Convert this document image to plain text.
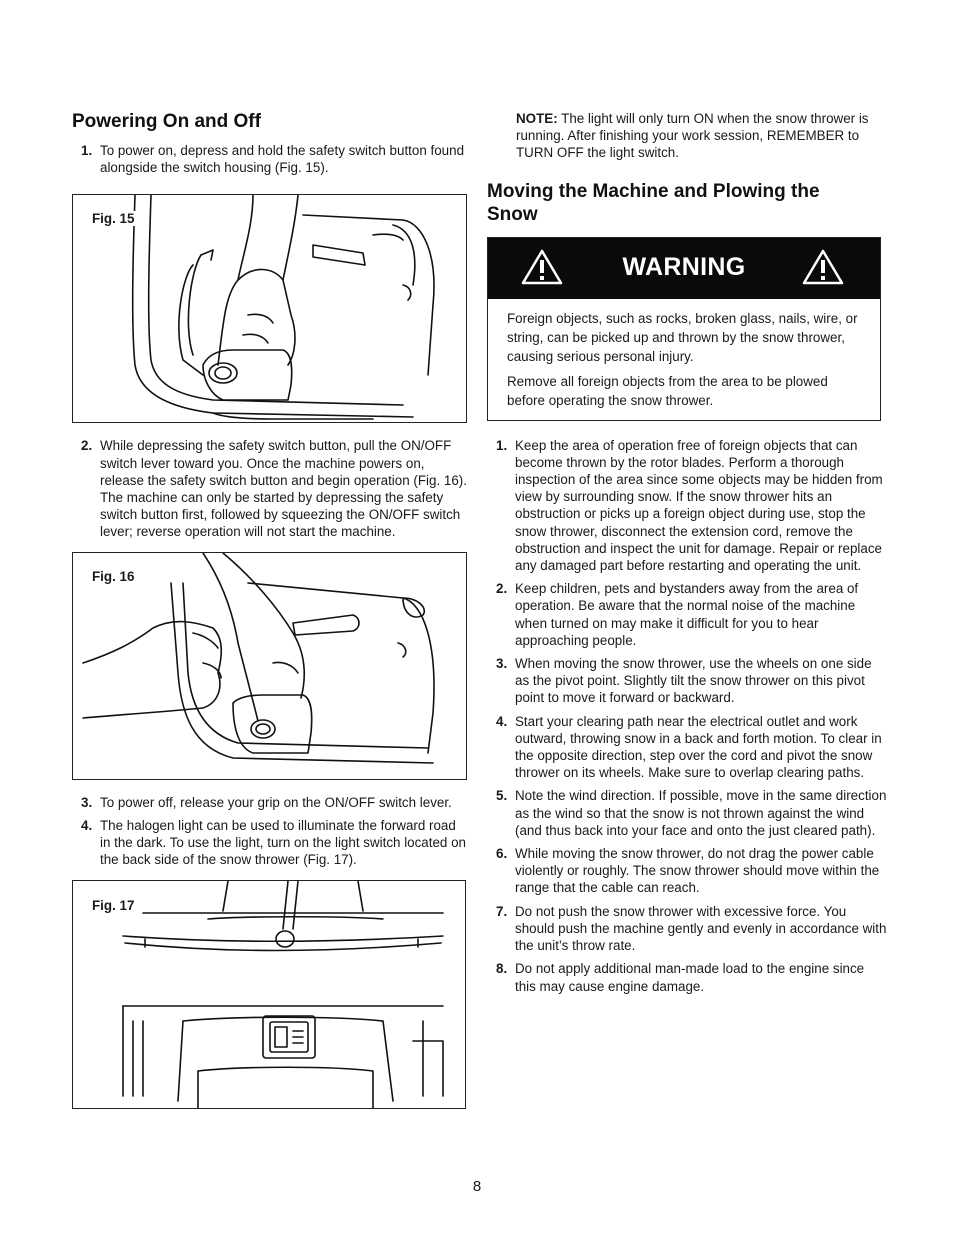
Powering On and Off
1. To power on, depress and hold the safety switch button found alongside the switch housing (Fig. 15).
Fig. 15
2. While depressing the safety switch button, pull the ON/OFF switch lever toward you. Once the machine powers on, release the safety switch button and begin operation (Fig. 16). The machine can only be started by depressing the safety switch button first, followed by squeezing the ON/OFF switch lever; reverse operation will not start the machine.
Fig. 16
3. To power off, release your grip on the ON/OFF switch lever.
4. The halogen light can be used to illuminate the forward road in the dark. To use the light, turn on the light switch located on the back side of the snow thrower (Fig. 17).
Fig. 17

NOTE: The light will only turn ON when the snow thrower is running. After finishing your work session, REMEMBER to TURN OFF the light switch.

Moving the Machine and Plowing the Snow
WARNING

Foreign objects, such as rocks, broken glass, nails, wire, or string, can be picked up and thrown by the snow thrower, causing serious personal injury.

Remove all foreign objects from the area to be plowed before operating the snow thrower.

1. Keep the area of operation free of foreign objects that can become thrown by the rotor blades. Perform a thorough inspection of the area since some objects may be hidden from view by surrounding snow. If the snow thrower hits an obstruction or picks up a foreign object during use, stop the snow thrower, disconnect the extension cord, remove the obstruction and inspect the unit for damage. Repair or replace any damaged part before restarting and operating the unit.
2. Keep children, pets and bystanders away from the area of operation. Be aware that the normal noise of the machine when turned on may make it difficult for you to hear approaching people.
3. When moving the snow thrower, use the wheels on one side as the pivot point. Slightly tilt the snow thrower on this pivot point to move it forward or backward.
4. Start your clearing path near the electrical outlet and work outward, throwing snow in a back and forth motion. To clear in the opposite direction, step over the cord and pivot the snow thrower on its wheels. Make sure to overlap clearing paths.
5. Note the wind direction. If possible, move in the same direction as the wind so that the snow is not thrown against the wind (and thus back into your face and onto the just cleared path).
6. While moving the snow thrower, do not drag the power cable violently or roughly. The snow thrower should move within the range that the cable can reach.
7. Do not push the snow thrower with excessive force. You should push the machine gently and evenly in accordance with the unit’s throw rate.
8. Do not apply additional man-made load to the engine since this may cause engine damage.
8
